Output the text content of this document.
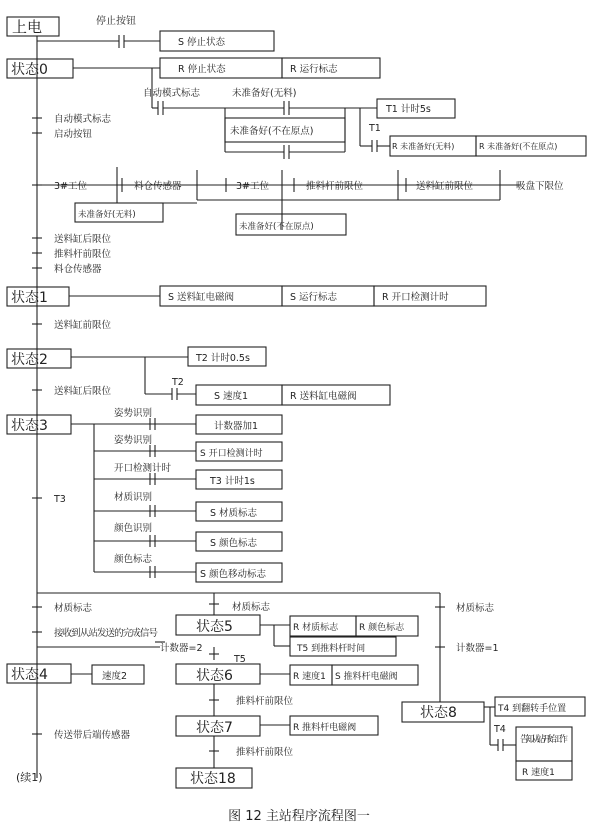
上电	停止按钮
S 停止状态
状态0	R 停止状态	R 运行标志
自动模式标志	未准备好(无料)
T1 计时5s
未准备好(不在原点)	T1
R 未准备好(无料)	R 未准备好(不在原点)
自动模式标志
启动按钮
3#工位	料仓传感器	3#工位	推料杆前限位	送料缸前限位	吸盘下限位
未准备好(无料)
未准备好(不在原点)
送料缸后限位
推料杆前限位
料仓传感器
状态1	S 送料缸电磁阀	S 运行标志	R 开口检测计时
送料缸前限位
状态2	T2 计时0.5s
T2
S 速度1	R 送料缸电磁阀
送料缸后限位
状态3
姿势识别
计数器加1
姿势识别
S 开口检测计时
开口检测计时
T3 计时1s
材质识别
S 材质标志
颜色识别
S 颜色标志
颜色标志
S 颜色移动标志
T3
材质标志	材质标志	材质标志
接收到从站发送的完成信号
计数器=2	计数器=1
状态4	速度2
传送带后端传感器
(续1)
状态5	R 材质标志 R 颜色标志
T5 到推料杆时间
T5
状态6	R 速度1 S 推料杆电磁阀
推料杆前限位
状态7	R 推料杆电磁阀
推料杆前限位
状态18
状态8	T4 到翻转手位置
T4
告知从站开始工作
R 速度1
图 12 主站程序流程图一
